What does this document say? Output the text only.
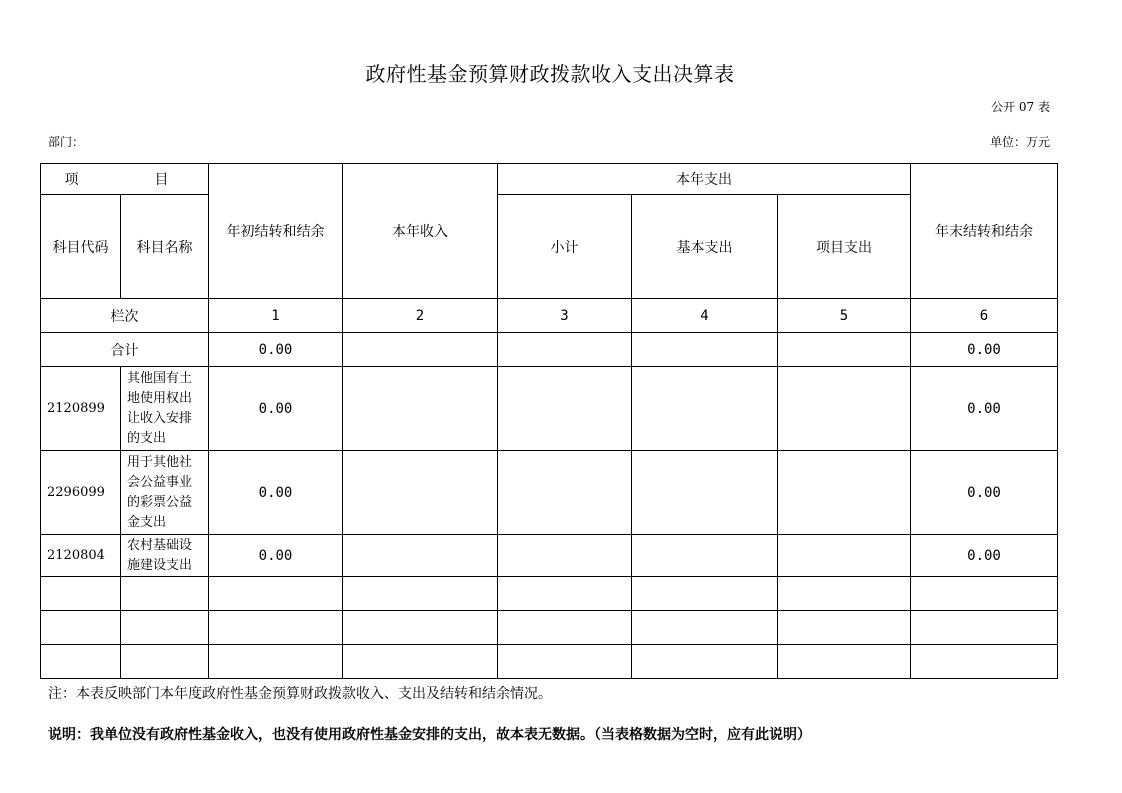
政府性基金预算财政拨款收入支出决算表
公开 07 表
部门：	单位：万元
项　　目		年初结转和结余	本年收入	本年支出			年末结转和结余
科目代码	科目名称			小计	基本支出	项目支出	
栏次		1	2	3	4	5	6
合计		0.00					0.00
2120899	其他国有土地使用权出让收入安排的支出	0.00					0.00
2296099	用于其他社会公益事业的彩票公益金支出	0.00					0.00
2120804	农村基础设施建设支出	0.00					0.00

注：本表反映部门本年度政府性基金预算财政拨款收入、支出及结转和结余情况。
说明：我单位没有政府性基金收入，也没有使用政府性基金安排的支出，故本表无数据。（当表格数据为空时，应有此说明）
